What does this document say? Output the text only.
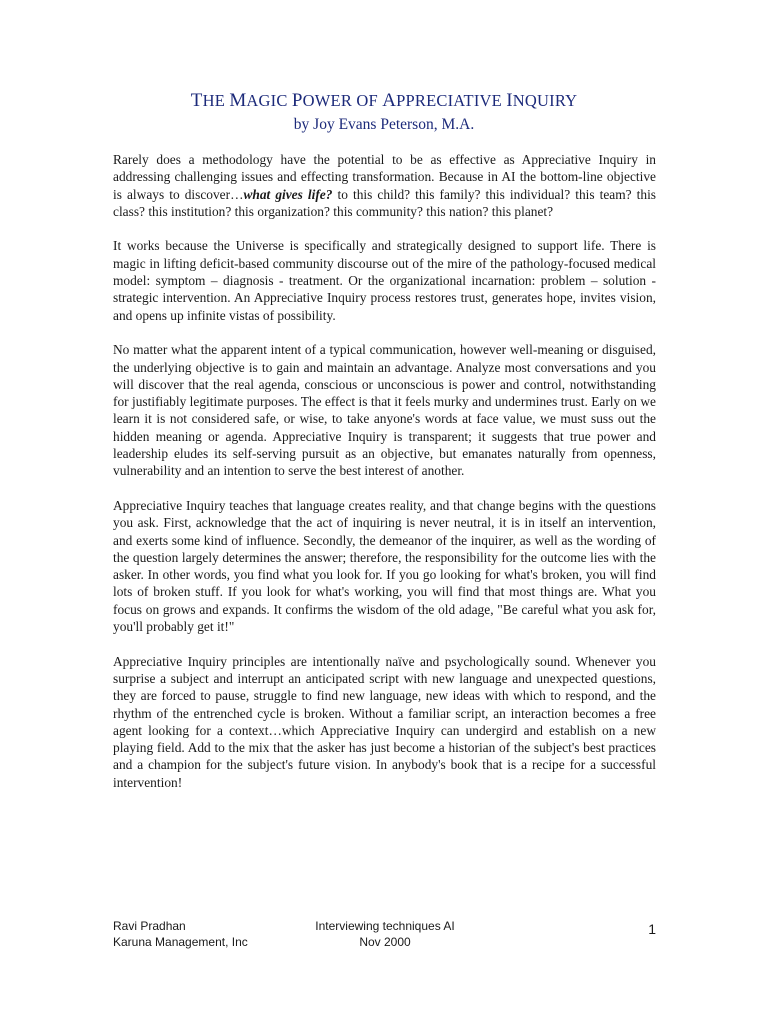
THE MAGIC POWER OF APPRECIATIVE INQUIRY
by Joy Evans Peterson, M.A.

Rarely does a methodology have the potential to be as effective as Appreciative Inquiry in addressing challenging issues and effecting transformation. Because in AI the bottom-line objective is always to discover…what gives life? to this child? this family? this individual? this team? this class? this institution? this organization? this community? this nation? this planet?

It works because the Universe is specifically and strategically designed to support life. There is magic in lifting deficit-based community discourse out of the mire of the pathology-focused medical model: symptom – diagnosis - treatment. Or the organizational incarnation: problem – solution - strategic intervention. An Appreciative Inquiry process restores trust, generates hope, invites vision, and opens up infinite vistas of possibility.

No matter what the apparent intent of a typical communication, however well-meaning or disguised, the underlying objective is to gain and maintain an advantage. Analyze most conversations and you will discover that the real agenda, conscious or unconscious is power and control, notwithstanding for justifiably legitimate purposes. The effect is that it feels murky and undermines trust. Early on we learn it is not considered safe, or wise, to take anyone's words at face value, we must suss out the hidden meaning or agenda. Appreciative Inquiry is transparent; it suggests that true power and leadership eludes its self-serving pursuit as an objective, but emanates naturally from openness, vulnerability and an intention to serve the best interest of another.

Appreciative Inquiry teaches that language creates reality, and that change begins with the questions you ask. First, acknowledge that the act of inquiring is never neutral, it is in itself an intervention, and exerts some kind of influence. Secondly, the demeanor of the inquirer, as well as the wording of the question largely determines the answer; therefore, the responsibility for the outcome lies with the asker. In other words, you find what you look for. If you go looking for what's broken, you will find lots of broken stuff. If you look for what's working, you will find that most things are. What you focus on grows and expands. It confirms the wisdom of the old adage, "Be careful what you ask for, you'll probably get it!"

Appreciative Inquiry principles are intentionally naïve and psychologically sound. Whenever you surprise a subject and interrupt an anticipated script with new language and unexpected questions, they are forced to pause, struggle to find new language, new ideas with which to respond, and the rhythm of the entrenched cycle is broken. Without a familiar script, an interaction becomes a free agent looking for a context…which Appreciative Inquiry can undergird and establish on a new playing field. Add to the mix that the asker has just become a historian of the subject's best practices and a champion for the subject's future vision. In anybody's book that is a recipe for a successful intervention!

Ravi Pradhan
Karuna Management, Inc
Interviewing techniques AI
Nov 2000
1
